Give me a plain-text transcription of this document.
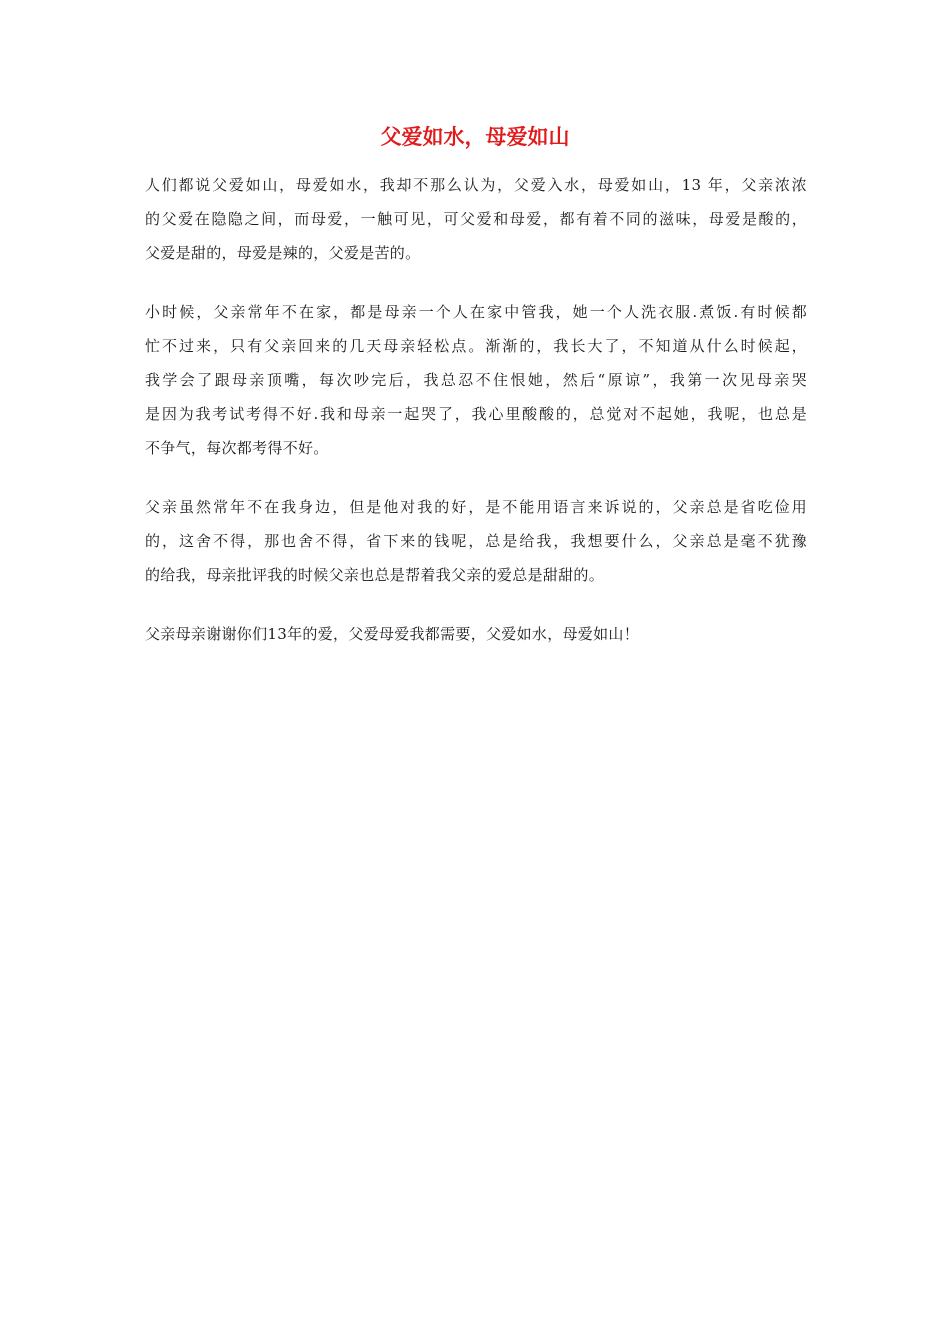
父爱如水，母爱如山

人们都说父爱如山，母爱如水，我却不那么认为，父爱入水，母爱如山，13 年，父亲浓浓
的父爱在隐隐之间，而母爱，一触可见，可父爱和母爱，都有着不同的滋味，母爱是酸的，
父爱是甜的，母爱是辣的，父爱是苦的。

小时候，父亲常年不在家，都是母亲一个人在家中管我，她一个人洗衣服.煮饭.有时候都
忙不过来，只有父亲回来的几天母亲轻松点。渐渐的，我长大了，不知道从什么时候起，
我学会了跟母亲顶嘴，每次吵完后，我总忍不住恨她，然后“原谅”，我第一次见母亲哭
是因为我考试考得不好.我和母亲一起哭了，我心里酸酸的，总觉对不起她，我呢，也总是
不争气，每次都考得不好。

父亲虽然常年不在我身边，但是他对我的好，是不能用语言来诉说的，父亲总是省吃俭用
的，这舍不得，那也舍不得，省下来的钱呢，总是给我，我想要什么，父亲总是毫不犹豫
的给我，母亲批评我的时候父亲也总是帮着我父亲的爱总是甜甜的。

父亲母亲谢谢你们13年的爱，父爱母爱我都需要，父爱如水，母爱如山！
